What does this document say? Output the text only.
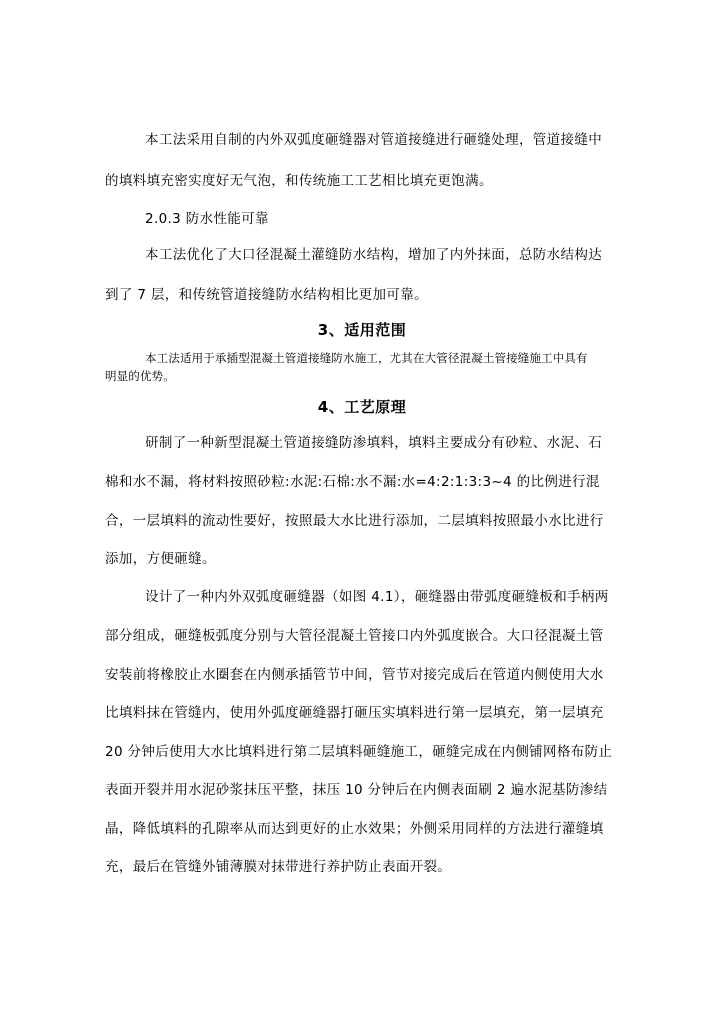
本工法采用自制的内外双弧度砸缝器对管道接缝进行砸缝处理，管道接缝中
的填料填充密实度好无气泡，和传统施工工艺相比填充更饱满。
2.0.3 防水性能可靠
本工法优化了大口径混凝土灌缝防水结构，增加了内外抹面，总防水结构达
到了 7 层，和传统管道接缝防水结构相比更加可靠。
3、适用范围
本工法适用于承插型混凝土管道接缝防水施工，尤其在大管径混凝土管接缝施工中具有
明显的优势。
4、工艺原理
研制了一种新型混凝土管道接缝防渗填料，填料主要成分有砂粒、水泥、石
棉和水不漏，将材料按照砂粒:水泥:石棉:水不漏:水=4:2:1:3:3~4 的比例进行混
合，一层填料的流动性要好，按照最大水比进行添加，二层填料按照最小水比进行
添加，方便砸缝。
设计了一种内外双弧度砸缝器（如图 4.1），砸缝器由带弧度砸缝板和手柄两
部分组成，砸缝板弧度分别与大管径混凝土管接口内外弧度嵌合。大口径混凝土管
安装前将橡胶止水圈套在内侧承插管节中间，管节对接完成后在管道内侧使用大水
比填料抹在管缝内，使用外弧度砸缝器打砸压实填料进行第一层填充，第一层填充
20 分钟后使用大水比填料进行第二层填料砸缝施工，砸缝完成在内侧铺网格布防止
表面开裂并用水泥砂浆抹压平整，抹压 10 分钟后在内侧表面刷 2 遍水泥基防渗结
晶，降低填料的孔隙率从而达到更好的止水效果；外侧采用同样的方法进行灌缝填
充，最后在管缝外铺薄膜对抹带进行养护防止表面开裂。
